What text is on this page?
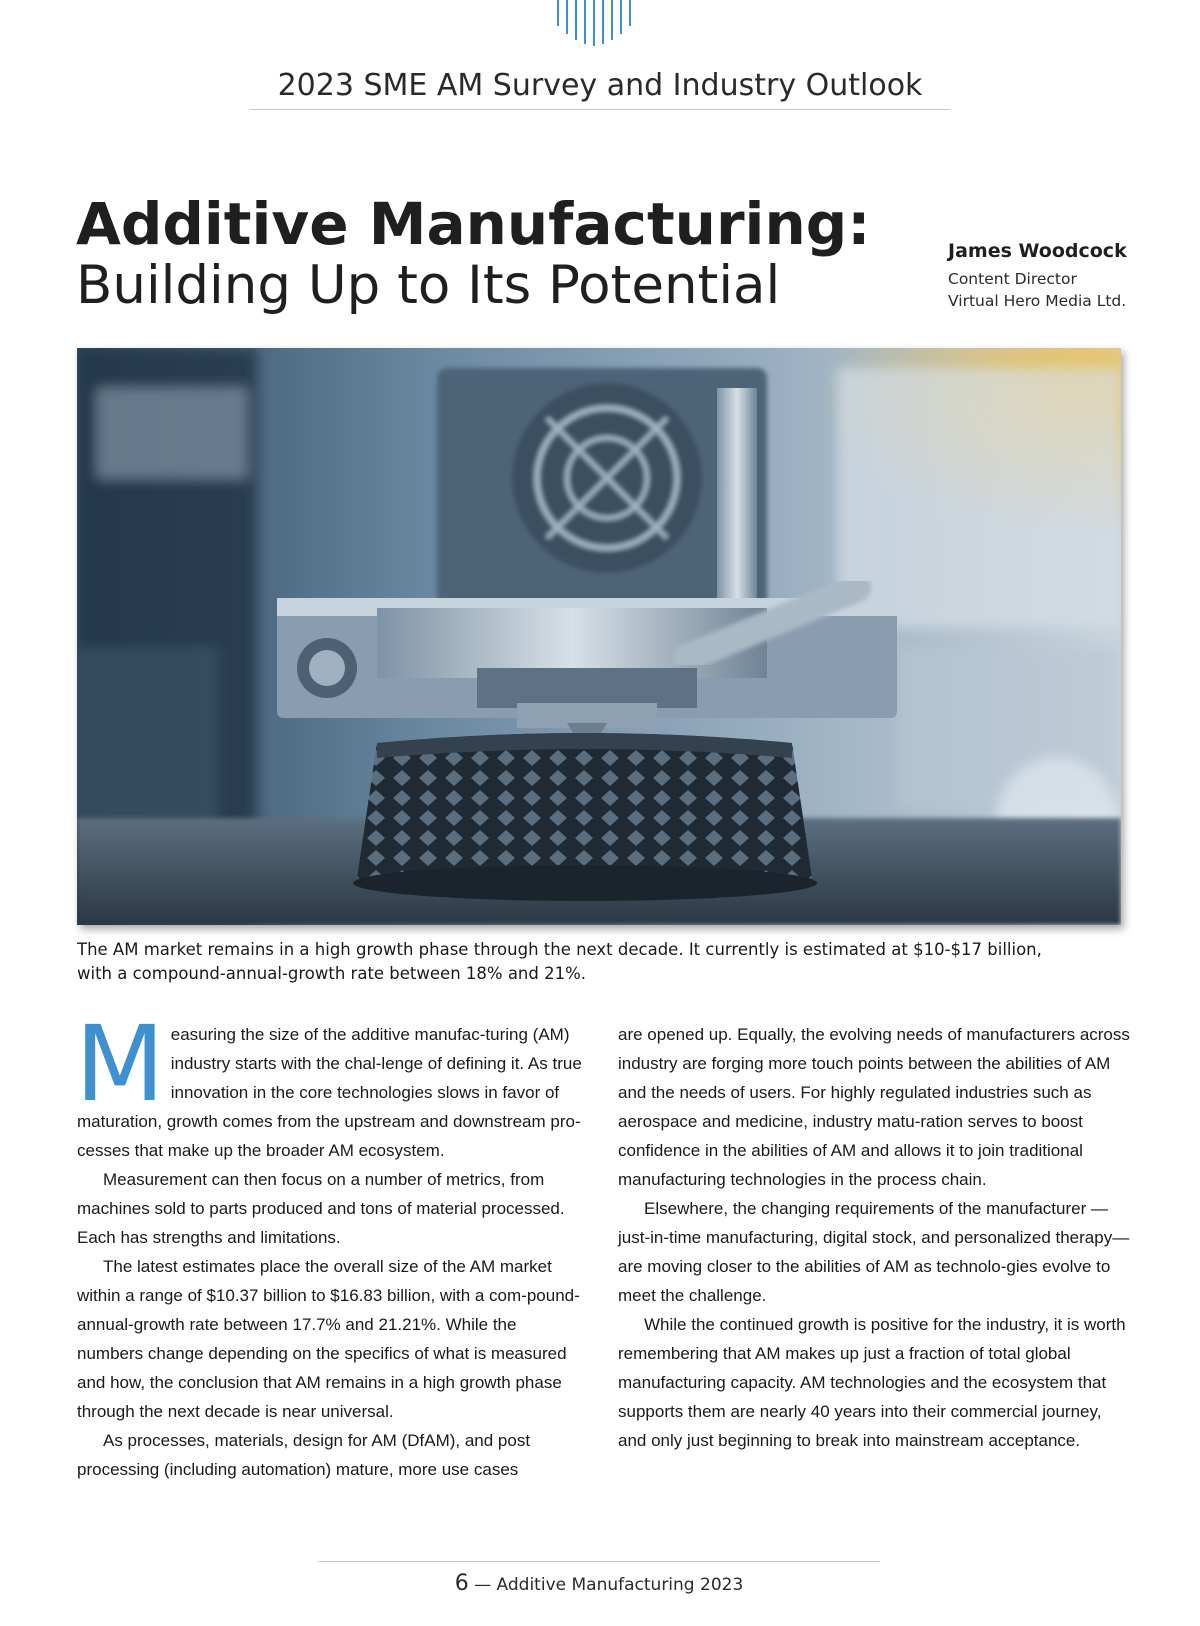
2023 SME AM Survey and Industry Outlook
Additive Manufacturing:
Building Up to Its Potential
James Woodcock
Content Director
Virtual Hero Media Ltd.

The AM market remains in a high growth phase through the next decade. It currently is estimated at $10-$17 billion,
with a compound-annual-growth rate between 18% and 21%.

Measuring the size of the additive manufac-turing (AM) industry starts with the chal-lenge of defining it. As true innovation in the core technologies slows in favor of maturation, growth comes from the upstream and downstream pro-cesses that make up the broader AM ecosystem.

Measurement can then focus on a number of metrics, from machines sold to parts produced and tons of material processed. Each has strengths and limitations.

The latest estimates place the overall size of the AM market within a range of $10.37 billion to $16.83 billion, with a com-pound-annual-growth rate between 17.7% and 21.21%. While the numbers change depending on the specifics of what is measured and how, the conclusion that AM remains in a high growth phase through the next decade is near universal.

As processes, materials, design for AM (DfAM), and post processing (including automation) mature, more use cases

are opened up. Equally, the evolving needs of manufacturers across industry are forging more touch points between the abilities of AM and the needs of users. For highly regulated industries such as aerospace and medicine, industry matu-ration serves to boost confidence in the abilities of AM and allows it to join traditional manufacturing technologies in the process chain.

Elsewhere, the changing requirements of the manufacturer —just-in-time manufacturing, digital stock, and personalized therapy—are moving closer to the abilities of AM as technolo-gies evolve to meet the challenge.

While the continued growth is positive for the industry, it is worth remembering that AM makes up just a fraction of total global manufacturing capacity. AM technologies and the ecosystem that supports them are nearly 40 years into their commercial journey, and only just beginning to break into mainstream acceptance.

6 — Additive Manufacturing 2023
